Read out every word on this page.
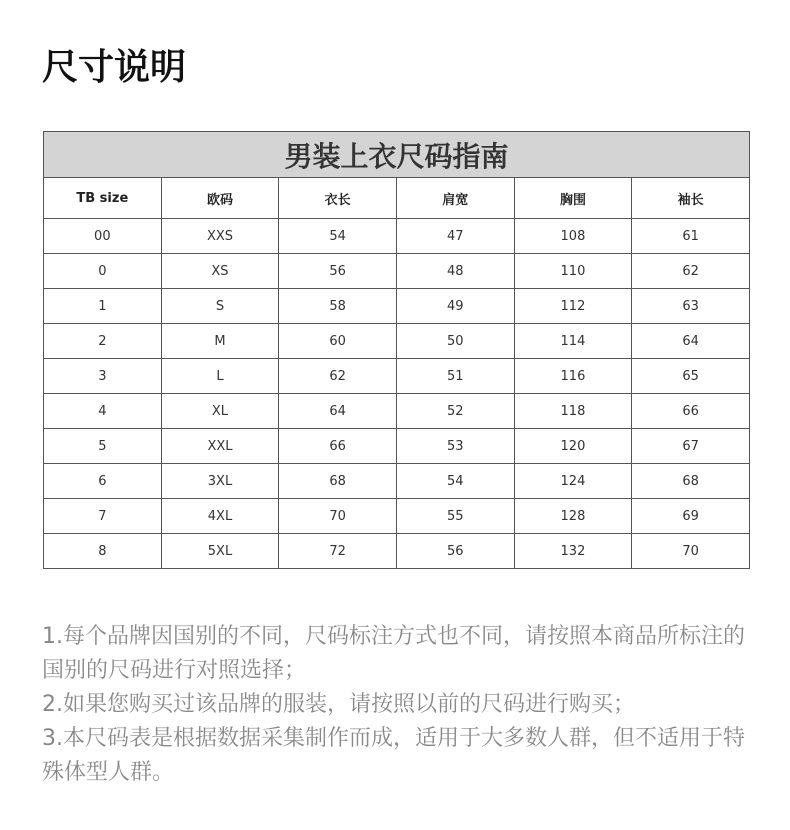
尺寸说明
男装上衣尺码指南					
TB size	欧码	衣长	肩宽	胸围	袖长
00	XXS	54	47	108	61
0	XS	56	48	110	62
1	S	58	49	112	63
2	M	60	50	114	64
3	L	62	51	116	65
4	XL	64	52	118	66
5	XXL	66	53	120	67
6	3XL	68	54	124	68
7	4XL	70	55	128	69
8	5XL	72	56	132	70

1.每个品牌因国别的不同，尺码标注方式也不同，请按照本商品所标注的国别的尺码进行对照选择；

2.如果您购买过该品牌的服装，请按照以前的尺码进行购买；

3.本尺码表是根据数据采集制作而成，适用于大多数人群，但不适用于特殊体型人群。
